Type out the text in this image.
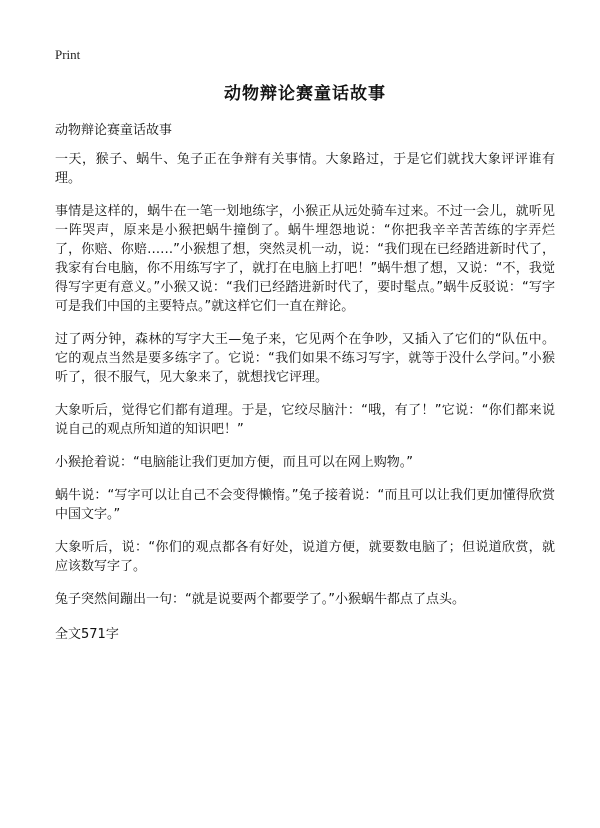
Print
动物辩论赛童话故事
动物辩论赛童话故事

一天，猴子、蜗牛、兔子正在争辩有关事情。大象路过，于是它们就找大象评评谁有理。

事情是这样的，蜗牛在一笔一划地练字，小猴正从远处骑车过来。不过一会儿，就听见一阵哭声，原来是小猴把蜗牛撞倒了。蜗牛埋怨地说：“你把我辛辛苦苦练的字弄烂了，你赔、你赔……”小猴想了想，突然灵机一动，说：“我们现在已经踏进新时代了，我家有台电脑，你不用练写字了，就打在电脑上打吧！”蜗牛想了想，又说：“不，我觉得写字更有意义。”小猴又说：“我们已经踏进新时代了，要时髦点。”蜗牛反驳说：“写字可是我们中国的主要特点。”就这样它们一直在辩论。

过了两分钟，森林的写字大王—兔子来，它见两个在争吵，又插入了它们的“队伍中。它的观点当然是要多练字了。它说：“我们如果不练习写字，就等于没什么学问。”小猴听了，很不服气，见大象来了，就想找它评理。

大象听后，觉得它们都有道理。于是，它绞尽脑汁：“哦，有了！”它说：“你们都来说说自己的观点所知道的知识吧！”

小猴抢着说：“电脑能让我们更加方便，而且可以在网上购物。”

蜗牛说：“写字可以让自己不会变得懒惰。”兔子接着说：“而且可以让我们更加懂得欣赏中国文字。”

大象听后，说：“你们的观点都各有好处，说道方便，就要数电脑了；但说道欣赏，就应该数写字了。

兔子突然间蹦出一句：“就是说要两个都要学了。”小猴蜗牛都点了点头。

全文571字
